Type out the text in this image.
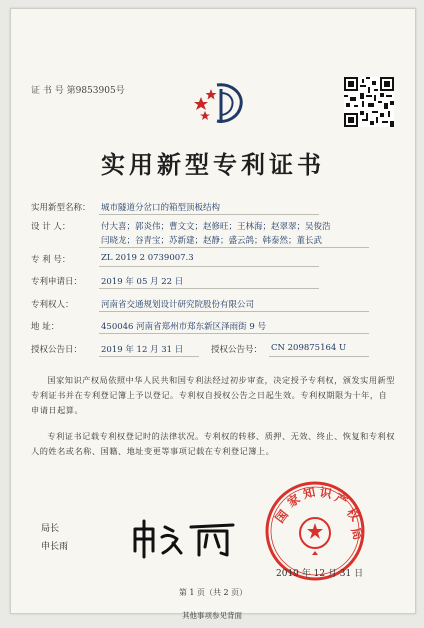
证 书 号 第9853905号
实用新型专利证书
实用新型名称： 城市隧道分岔口的箱型顶板结构
设 计 人：	付大喜；郭炎伟；曹文文；赵修旺；王林海；赵翠翠；吴俊浩
闫晓龙；谷青宝；苏新建；赵静；盛云鸽；韩泰然；董长武
专 利 号：	ZL 2019 2 0739007.3
专利申请日： 2019 年 05 月 22 日
专利权人：	河南省交通规划设计研究院股份有限公司
地 址：	450046 河南省郑州市郑东新区泽雨街 9 号
授权公告日： 2019 年 12 月 31 日	授权公告号： CN 209875164 U
国家知识产权局依照中华人民共和国专利法经过初步审查，决定授予专利权，颁发实用新型专利证书并在专利登记簿上予以登记。专利权自授权公告之日起生效。专利权期限为十年，自申请日起算。
专利证书记载专利权登记时的法律状况。专利权的转移、质押、无效、终止、恢复和专利权人的姓名或名称、国籍、地址变更等事项记载在专利登记簿上。
局长
申长雨
国
家 知 识 产
权
局
2019 年 12 月 31 日
第 1 页（共 2 页）
其他事项参见背面
